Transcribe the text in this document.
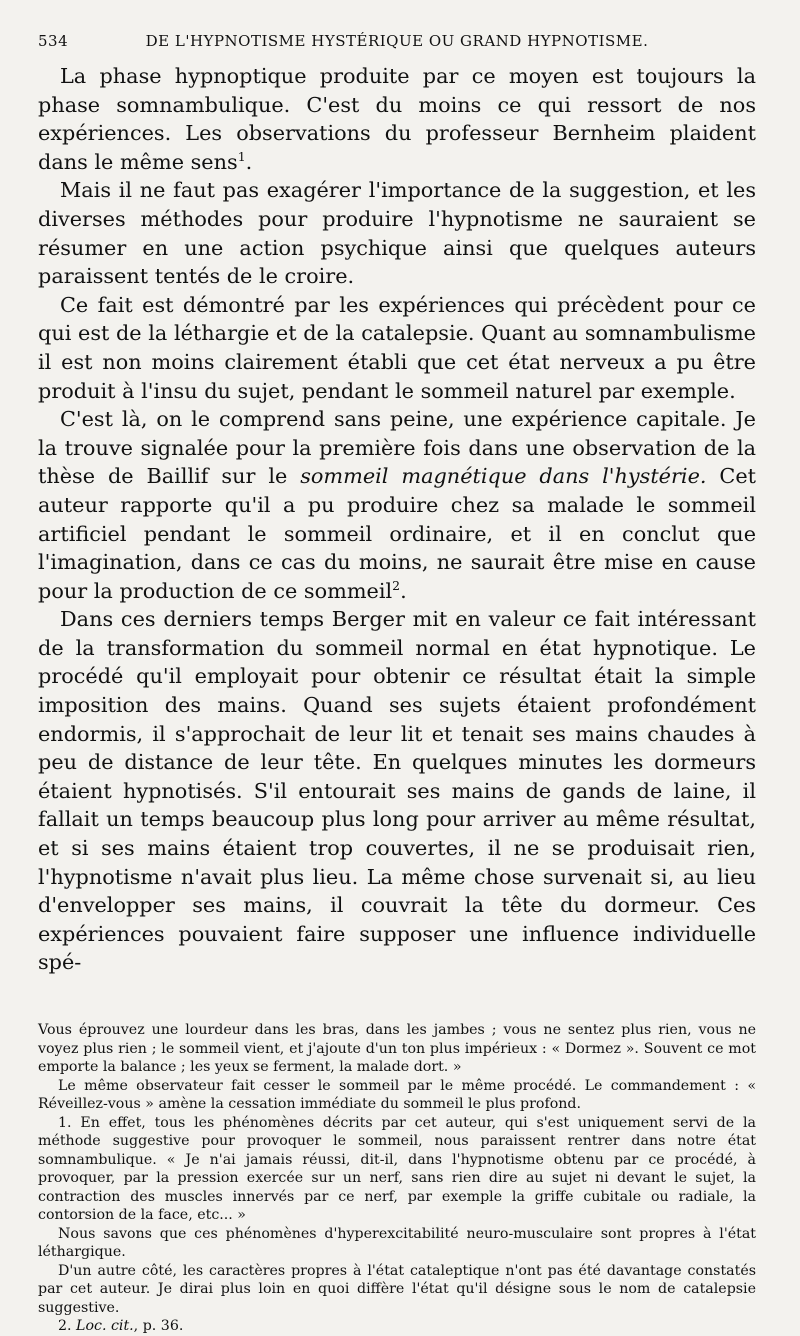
534	DE L'HYPNOTISME HYSTÉRIQUE OU GRAND HYPNOTISME.

La phase hypnoptique produite par ce moyen est toujours la phase somnambulique. C'est du moins ce qui ressort de nos expériences. Les observations du professeur Bernheim plaident dans le même sens$^1$.

Mais il ne faut pas exagérer l'importance de la suggestion, et les diverses méthodes pour produire l'hypnotisme ne sauraient se résumer en une action psychique ainsi que quelques auteurs paraissent tentés de le croire.

Ce fait est démontré par les expériences qui précèdent pour ce qui est de la léthargie et de la catalepsie. Quant au somnambulisme il est non moins clairement établi que cet état nerveux a pu être produit à l'insu du sujet, pendant le sommeil naturel par exemple.

C'est là, on le comprend sans peine, une expérience capitale. Je la trouve signalée pour la première fois dans une observation de la thèse de Baillif sur le sommeil magnétique dans l'hystérie. Cet auteur rapporte qu'il a pu produire chez sa malade le sommeil artificiel pendant le sommeil ordinaire, et il en conclut que l'imagination, dans ce cas du moins, ne saurait être mise en cause pour la production de ce sommeil$^2$.

Dans ces derniers temps Berger mit en valeur ce fait intéressant de la transformation du sommeil normal en état hypnotique. Le procédé qu'il employait pour obtenir ce résultat était la simple imposition des mains. Quand ses sujets étaient profondément endormis, il s'approchait de leur lit et tenait ses mains chaudes à peu de distance de leur tête. En quelques minutes les dormeurs étaient hypnotisés. S'il entourait ses mains de gands de laine, il fallait un temps beaucoup plus long pour arriver au même résultat, et si ses mains étaient trop couvertes, il ne se produisait rien, l'hypnotisme n'avait plus lieu. La même chose survenait si, au lieu d'envelopper ses mains, il couvrait la tête du dormeur. Ces expériences pouvaient faire supposer une influence individuelle spé-

Vous éprouvez une lourdeur dans les bras, dans les jambes ; vous ne sentez plus rien, vous ne voyez plus rien ; le sommeil vient, et j'ajoute d'un ton plus impérieux : « Dormez ». Souvent ce mot emporte la balance ; les yeux se ferment, la malade dort. »

Le même observateur fait cesser le sommeil par le même procédé. Le commandement : « Réveillez-vous » amène la cessation immédiate du sommeil le plus profond.

1. En effet, tous les phénomènes décrits par cet auteur, qui s'est uniquement servi de la méthode suggestive pour provoquer le sommeil, nous paraissent rentrer dans notre état somnambulique. « Je n'ai jamais réussi, dit-il, dans l'hypnotisme obtenu par ce procédé, à provoquer, par la pression exercée sur un nerf, sans rien dire au sujet ni devant le sujet, la contraction des muscles innervés par ce nerf, par exemple la griffe cubitale ou radiale, la contorsion de la face, etc... »

Nous savons que ces phénomènes d'hyperexcitabilité neuro-musculaire sont propres à l'état léthargique.

D'un autre côté, les caractères propres à l'état cataleptique n'ont pas été davantage constatés par cet auteur. Je dirai plus loin en quoi diffère l'état qu'il désigne sous le nom de catalepsie suggestive.

2. Loc. cit., p. 36.
